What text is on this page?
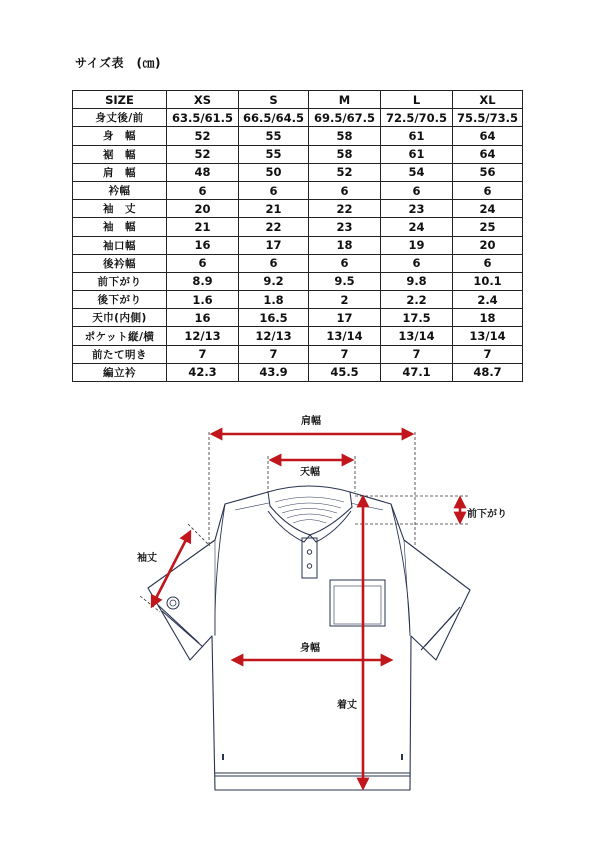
サイズ表　(㎝)
SIZE	XS	S	M	L	XL
身丈後/前	63.5/61.5	66.5/64.5	69.5/67.5	72.5/70.5	75.5/73.5
身　幅	52	55	58	61	64
裾　幅	52	55	58	61	64
肩　幅	48	50	52	54	56
衿幅	6	6	6	6	6
袖　丈	20	21	22	23	24
袖　幅	21	22	23	24	25
袖口幅	16	17	18	19	20
後衿幅	6	6	6	6	6
前下がり	8.9	9.2	9.5	9.8	10.1
後下がり	1.6	1.8	2	2.2	2.4
天巾(内側)	16	16.5	17	17.5	18
ポケット縦/横	12/13	12/13	13/14	13/14	13/14
前たて明き	7	7	7	7	7
編立衿	42.3	43.9	45.5	47.1	48.7
肩幅
天幅
前下がり
袖丈
身幅
着丈
